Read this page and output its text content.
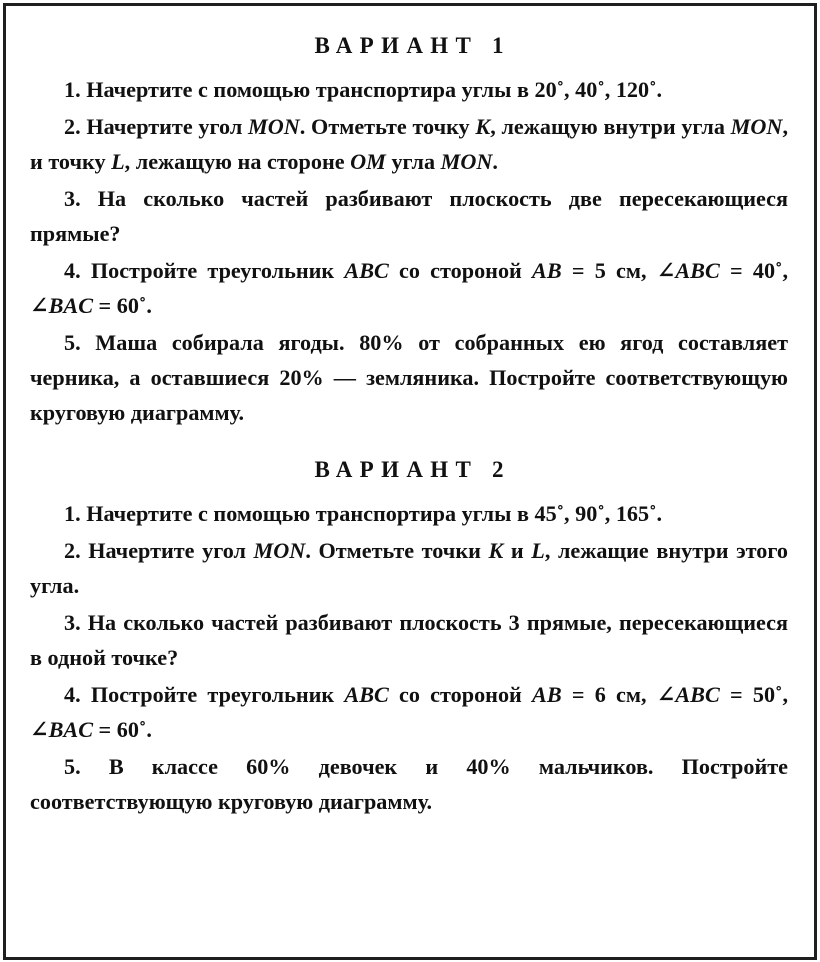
ВАРИАНТ 1

1. Начертите с помощью транспортира углы в 20˚, 40˚, 120˚.

2. Начертите угол MON. Отметьте точку K, лежащую внутри угла MON, и точку L, лежащую на стороне OM угла MON.

3. На сколько частей разбивают плоскость две пересекающиеся прямые?

4. Постройте треугольник ABC со стороной AB = 5 см, ∠ABC = 40˚, ∠BAC = 60˚.

5. Маша собирала ягоды. 80% от собранных ею ягод составляет черника, а оставшиеся 20% — земляника. Постройте соответствующую круговую диаграмму.

ВАРИАНТ 2

1. Начертите с помощью транспортира углы в 45˚, 90˚, 165˚.

2. Начертите угол MON. Отметьте точки K и L, лежащие внутри этого угла.

3. На сколько частей разбивают плоскость 3 прямые, пересекающиеся в одной точке?

4. Постройте треугольник ABC со стороной AB = 6 см, ∠ABC = 50˚, ∠BAC = 60˚.

5. В классе 60% девочек и 40% мальчиков. Постройте соответствующую круговую диаграмму.
